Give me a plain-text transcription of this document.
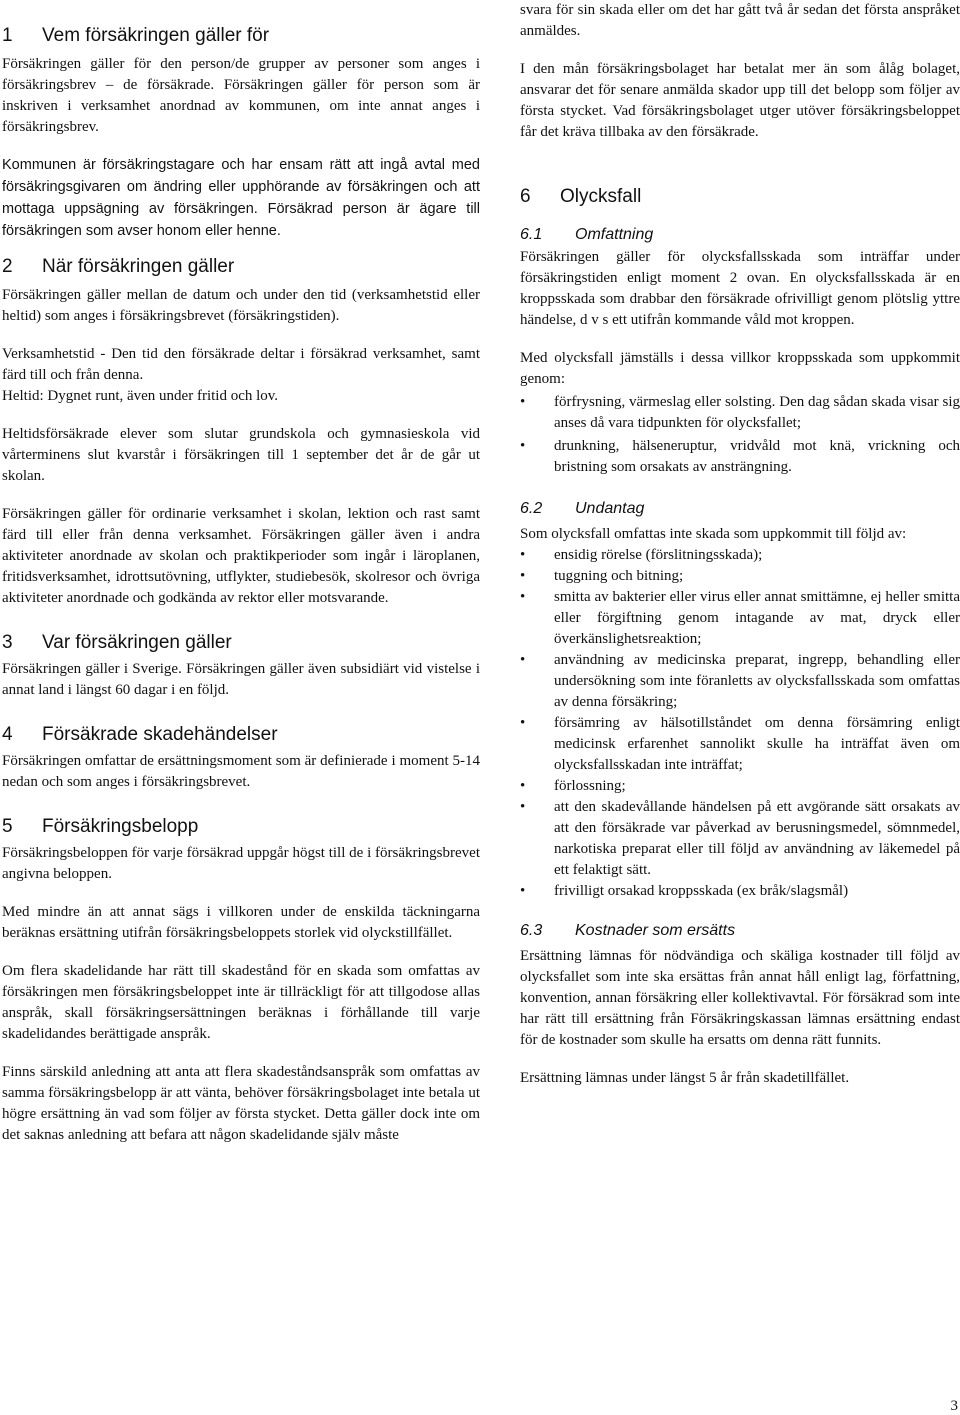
1 Vem försäkringen gäller för

Försäkringen gäller för den person/de grupper av personer som anges i försäkringsbrev – de försäkrade. Försäkringen gäller för person som är inskriven i verksamhet anordnad av kommunen, om inte annat anges i försäkringsbrev.

Kommunen är försäkringstagare och har ensam rätt att ingå avtal med försäkringsgivaren om ändring eller upphörande av försäkringen och att mottaga uppsägning av försäkringen. Försäkrad person är ägare till försäkringen som avser honom eller henne.

2 När försäkringen gäller

Försäkringen gäller mellan de datum och under den tid (verksamhetstid eller heltid) som anges i försäkringsbrevet (försäkringstiden).

Verksamhetstid - Den tid den försäkrade deltar i försäkrad verksamhet, samt färd till och från denna.

Heltid: Dygnet runt, även under fritid och lov.

Heltidsförsäkrade elever som slutar grundskola och gymnasieskola vid vårterminens slut kvarstår i försäkringen till 1 september det år de går ut skolan.

Försäkringen gäller för ordinarie verksamhet i skolan, lektion och rast samt färd till eller från denna verksamhet. Försäkringen gäller även i andra aktiviteter anordnade av skolan och praktikperioder som ingår i läroplanen, fritidsverksamhet, idrottsutövning, utflykter, studiebesök, skolresor och övriga aktiviteter anordnade och godkända av rektor eller motsvarande.

3 Var försäkringen gäller

Försäkringen gäller i Sverige. Försäkringen gäller även subsidiärt vid vistelse i annat land i längst 60 dagar i en följd.

4 Försäkrade skadehändelser

Försäkringen omfattar de ersättningsmoment som är definierade i moment 5-14 nedan och som anges i försäkringsbrevet.

5 Försäkringsbelopp

Försäkringsbeloppen för varje försäkrad uppgår högst till de i försäkringsbrevet angivna beloppen.

Med mindre än att annat sägs i villkoren under de enskilda täckningarna beräknas ersättning utifrån försäkringsbeloppets storlek vid olyckstillfället.

Om flera skadelidande har rätt till skadestånd för en skada som omfattas av försäkringen men försäkringsbeloppet inte är tillräckligt för att tillgodose allas anspråk, skall försäkringsersättningen beräknas i förhållande till varje skadelidandes berättigade anspråk.

Finns särskild anledning att anta att flera skadeståndsanspråk som omfattas av samma försäkringsbelopp är att vänta, behöver försäkringsbolaget inte betala ut högre ersättning än vad som följer av första stycket. Detta gäller dock inte om det saknas anledning att befara att någon skadelidande själv måste

svara för sin skada eller om det har gått två år sedan det första anspråket anmäldes.

I den mån försäkringsbolaget har betalat mer än som ålåg bolaget, ansvarar det för senare anmälda skador upp till det belopp som följer av första stycket. Vad försäkringsbolaget utger utöver försäkringsbeloppet får det kräva tillbaka av den försäkrade.

6 Olycksfall
6.1 Omfattning

Försäkringen gäller för olycksfallsskada som inträffar under försäkringstiden enligt moment 2 ovan. En olycksfallsskada är en kroppsskada som drabbar den försäkrade ofrivilligt genom plötslig yttre händelse, d v s ett utifrån kommande våld mot kroppen.

Med olycksfall jämställs i dessa villkor kroppsskada som uppkommit genom:

• förfrysning, värmeslag eller solsting. Den dag sådan skada visar sig anses då vara tidpunkten för olycksfallet;
• drunkning, hälseneruptur, vridvåld mot knä, vrickning och bristning som orsakats av ansträngning.
6.2 Undantag

Som olycksfall omfattas inte skada som uppkommit till följd av:

• ensidig rörelse (förslitningsskada);
• tuggning och bitning;
• smitta av bakterier eller virus eller annat smittämne, ej heller smitta eller förgiftning genom intagande av mat, dryck eller överkänslighetsreaktion;
• användning av medicinska preparat, ingrepp, behandling eller undersökning som inte föranletts av olycksfallsskada som omfattas av denna försäkring;
• försämring av hälsotillståndet om denna försämring enligt medicinsk erfarenhet sannolikt skulle ha inträffat även om olycksfallsskadan inte inträffat;
• förlossning;
• att den skadevållande händelsen på ett avgörande sätt orsakats av att den försäkrade var påverkad av berusningsmedel, sömnmedel, narkotiska preparat eller till följd av användning av läkemedel på ett felaktigt sätt.
• frivilligt orsakad kroppsskada (ex bråk/slagsmål)
6.3 Kostnader som ersätts

Ersättning lämnas för nödvändiga och skäliga kostnader till följd av olycksfallet som inte ska ersättas från annat håll enligt lag, författning, konvention, annan försäkring eller kollektivavtal. För försäkrad som inte har rätt till ersättning från Försäkringskassan lämnas ersättning endast för de kostnader som skulle ha ersatts om denna rätt funnits.

Ersättning lämnas under längst 5 år från skadetillfället.

3
